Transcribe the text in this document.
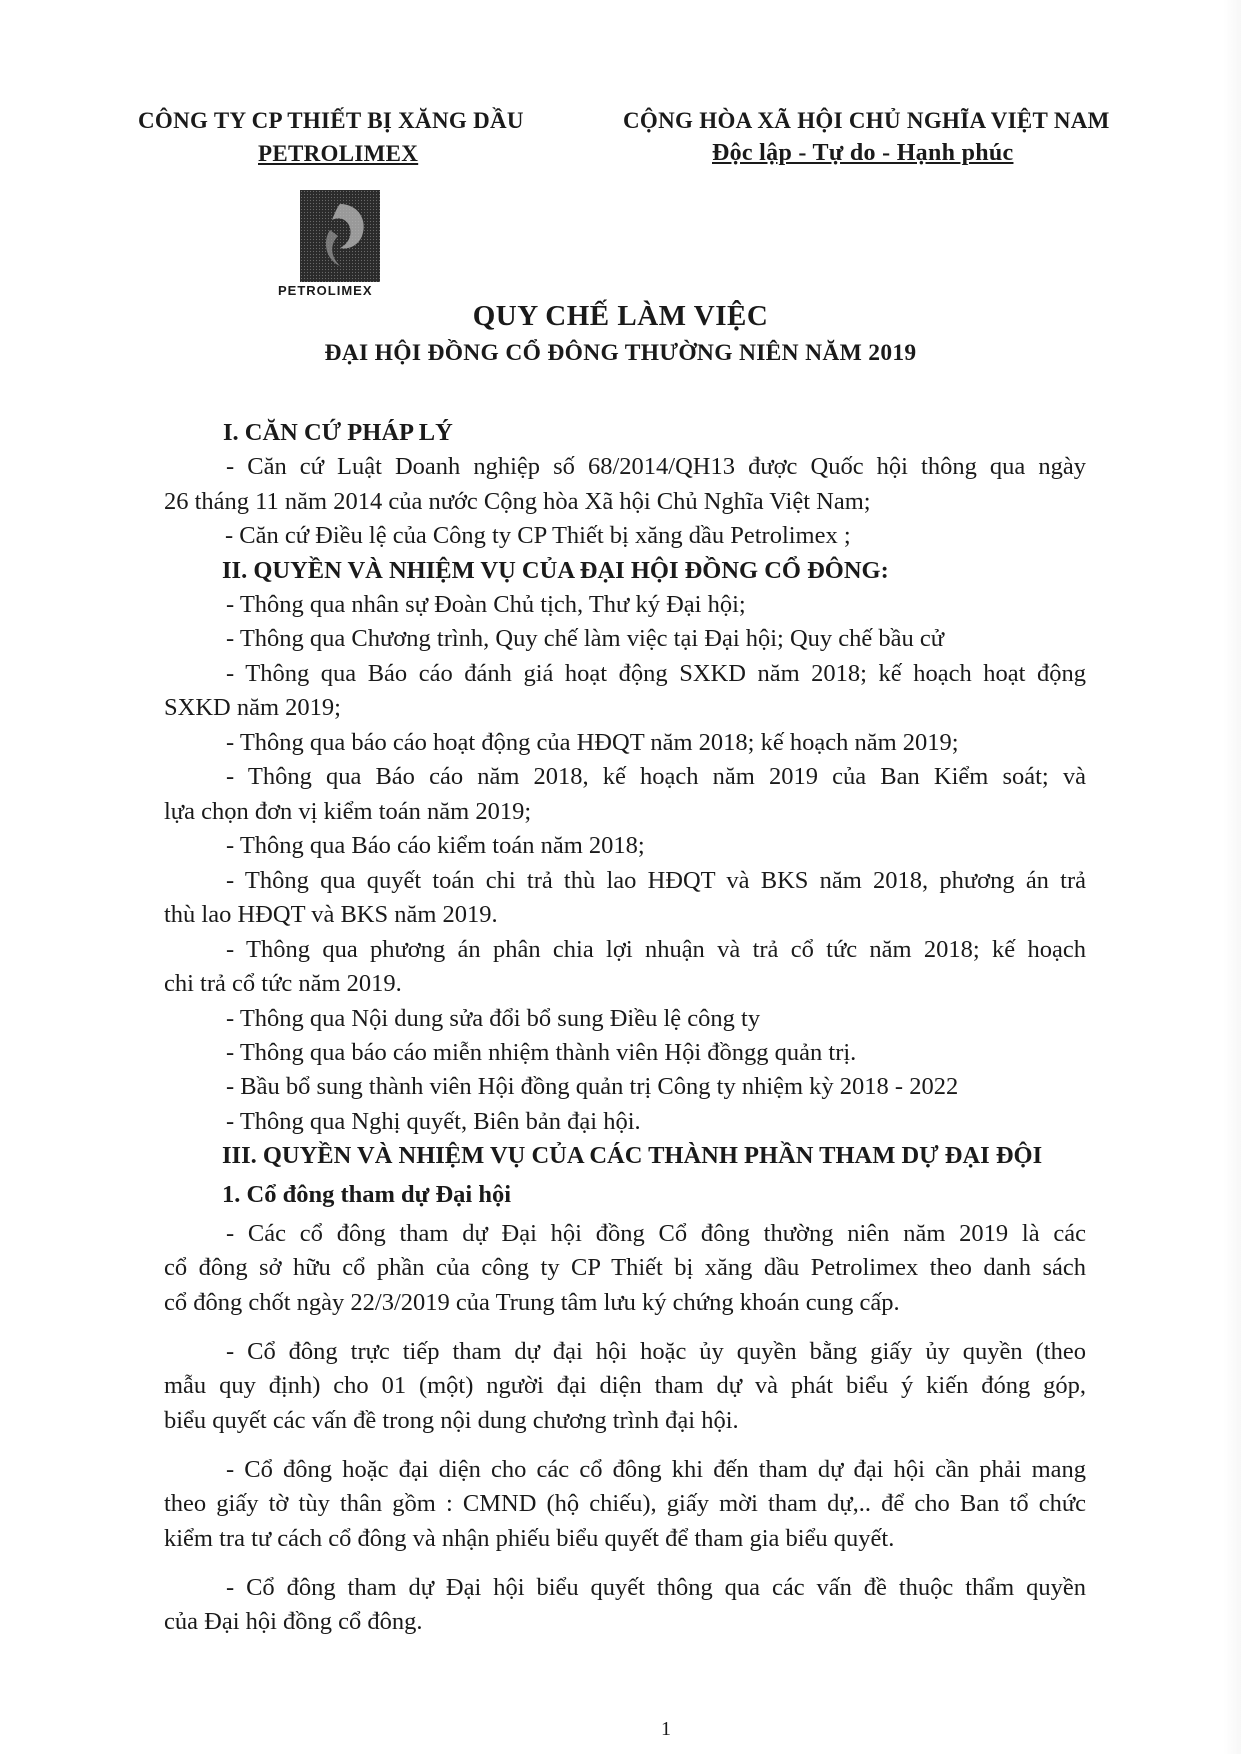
CÔNG TY CP THIẾT BỊ XĂNG DẦU
PETROLIMEX
CỘNG HÒA XÃ HỘI CHỦ NGHĨA VIỆT NAM
Độc lập - Tự do - Hạnh phúc
PETROLIMEX
QUY CHẾ LÀM VIỆC
ĐẠI HỘI ĐỒNG CỔ ĐÔNG THƯỜNG NIÊN NĂM 2019
I. CĂN CỨ PHÁP LÝ
- Căn cứ Luật Doanh nghiệp số 68/2014/QH13 được Quốc hội thông qua ngày
26 tháng 11 năm 2014 của nước Cộng hòa Xã hội Chủ Nghĩa Việt Nam;
- Căn cứ Điều lệ của Công ty CP Thiết bị xăng dầu Petrolimex ;
II. QUYỀN VÀ NHIỆM VỤ CỦA ĐẠI HỘI ĐỒNG CỔ ĐÔNG:
- Thông qua nhân sự Đoàn Chủ tịch, Thư ký Đại hội;
- Thông qua Chương trình, Quy chế làm việc tại Đại hội; Quy chế bầu cử
- Thông qua Báo cáo đánh giá hoạt động SXKD năm 2018; kế hoạch hoạt động
SXKD năm 2019;
- Thông qua báo cáo hoạt động của HĐQT năm 2018; kế hoạch năm 2019;
- Thông qua Báo cáo năm 2018, kế hoạch năm 2019 của Ban Kiểm soát; và
lựa chọn đơn vị kiểm toán năm 2019;
- Thông qua Báo cáo kiểm toán năm 2018;
- Thông qua quyết toán chi trả thù lao HĐQT và BKS năm 2018, phương án trả
thù lao HĐQT và BKS năm 2019.
- Thông qua phương án phân chia lợi nhuận và trả cổ tức năm 2018; kế hoạch
chi trả cổ tức năm 2019.
- Thông qua Nội dung sửa đổi bổ sung Điều lệ công ty
- Thông qua báo cáo miễn nhiệm thành viên Hội đồngg quản trị.
- Bầu bổ sung thành viên Hội đồng quản trị Công ty nhiệm kỳ 2018 - 2022
- Thông qua Nghị quyết, Biên bản đại hội.
III. QUYỀN VÀ NHIỆM VỤ CỦA CÁC THÀNH PHẦN THAM DỰ ĐẠI ĐỘI
1. Cổ đông tham dự Đại hội
- Các cổ đông tham dự Đại hội đồng Cổ đông thường niên năm 2019 là các
cổ đông sở hữu cổ phần của công ty CP Thiết bị xăng dầu Petrolimex theo danh sách
cổ đông chốt ngày 22/3/2019 của Trung tâm lưu ký chứng khoán cung cấp.
- Cổ đông trực tiếp tham dự đại hội hoặc ủy quyền bằng giấy ủy quyền (theo
mẫu quy định) cho 01 (một) người đại diện tham dự và phát biểu ý kiến đóng góp,
biểu quyết các vấn đề trong nội dung chương trình đại hội.
- Cổ đông hoặc đại diện cho các cổ đông khi đến tham dự đại hội cần phải mang
theo giấy tờ tùy thân gồm : CMND (hộ chiếu), giấy mời tham dự,.. để cho Ban tổ chức
kiểm tra tư cách cổ đông và nhận phiếu biểu quyết để tham gia biểu quyết.
- Cổ đông tham dự Đại hội biểu quyết thông qua các vấn đề thuộc thẩm quyền
của Đại hội đồng cổ đông.
1
